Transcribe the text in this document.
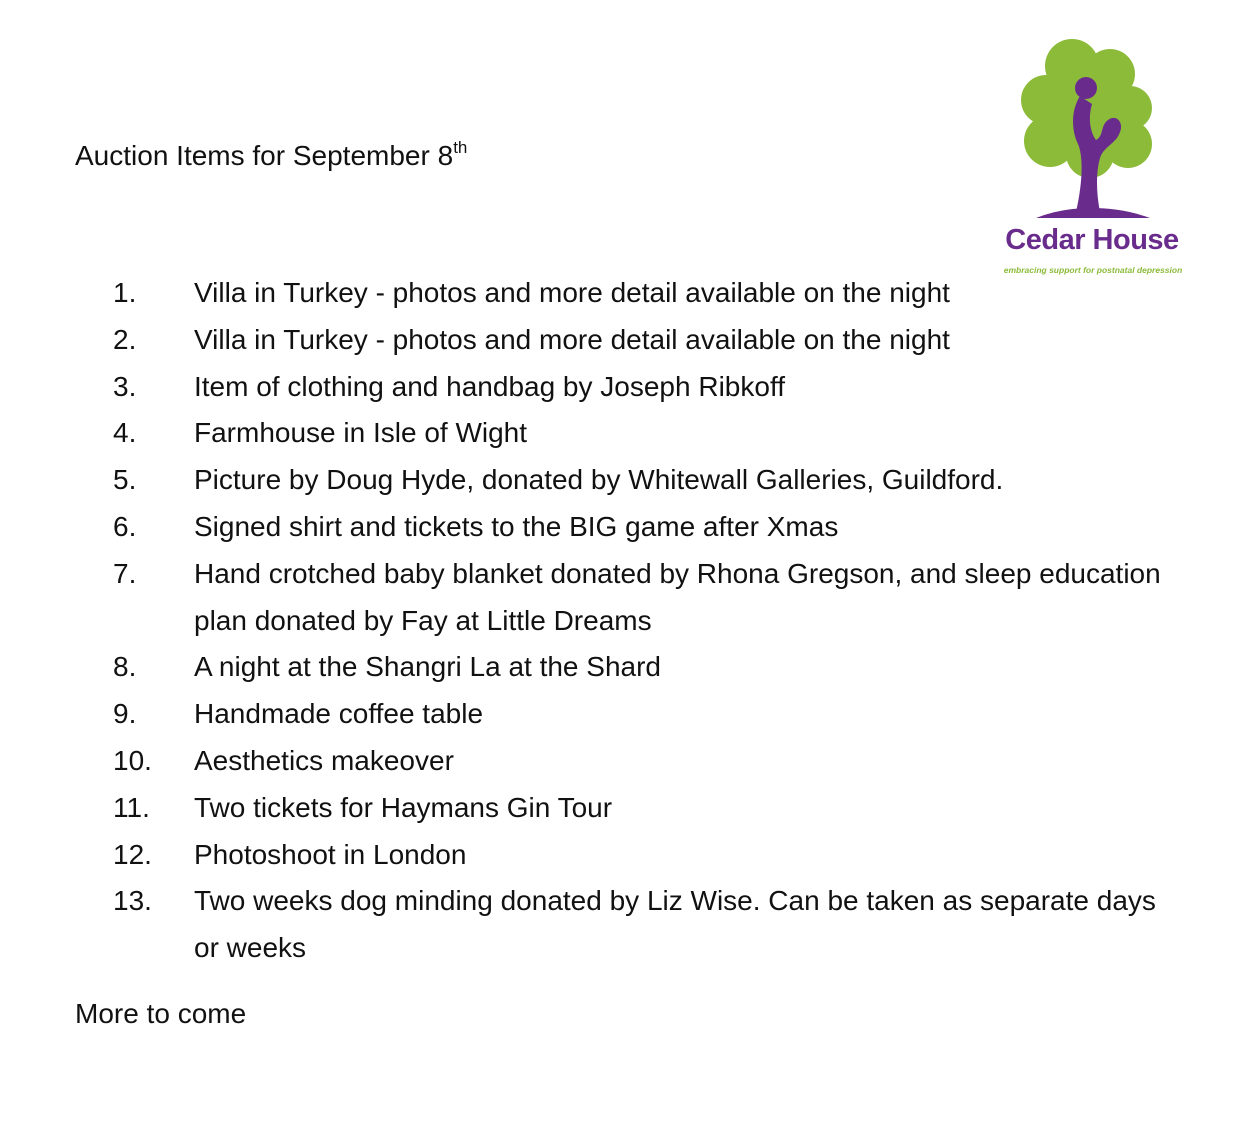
Auction Items for September 8th
Cedar House
embracing support for postnatal depression
1. Villa in Turkey - photos and more detail available on the night
2. Villa in Turkey - photos and more detail available on the night
3. Item of clothing and handbag by Joseph Ribkoff
4. Farmhouse in Isle of Wight
5. Picture by Doug Hyde, donated by Whitewall Galleries, Guildford.
6. Signed shirt and tickets to the BIG game after Xmas
7. Hand crotched baby blanket donated by Rhona Gregson, and sleep education plan donated by Fay at Little Dreams
8. A night at the Shangri La at the Shard
9. Handmade coffee table
10. Aesthetics makeover
11. Two tickets for Haymans Gin Tour
12. Photoshoot in London
13. Two weeks dog minding donated by Liz Wise. Can be taken as separate days or weeks
More to come
